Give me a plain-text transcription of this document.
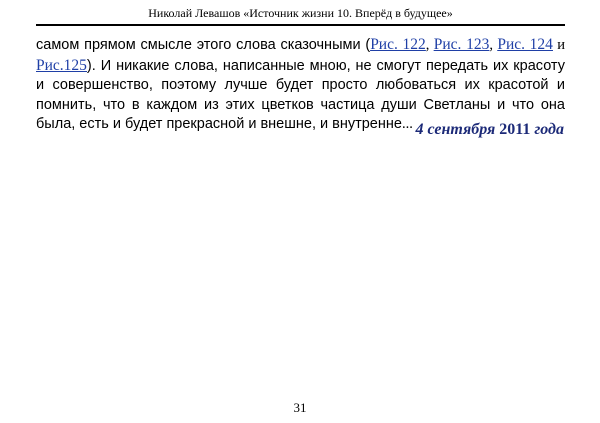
Николай Левашов «Источник жизни 10. Вперёд в будущее»

самом прямом смысле этого слова сказочными (Рис. 122, Рис. 123, Рис. 124 и Рис.125). И никакие слова, написанные мною, не смогут передать их красоту и совершенство, поэтому лучше будет просто любоваться их красотой и помнить, что в каждом из этих цветков частица души Светланы и что она была, есть и будет прекрасной и внешне, и внутренне... 4 сентября 2011 года
31
